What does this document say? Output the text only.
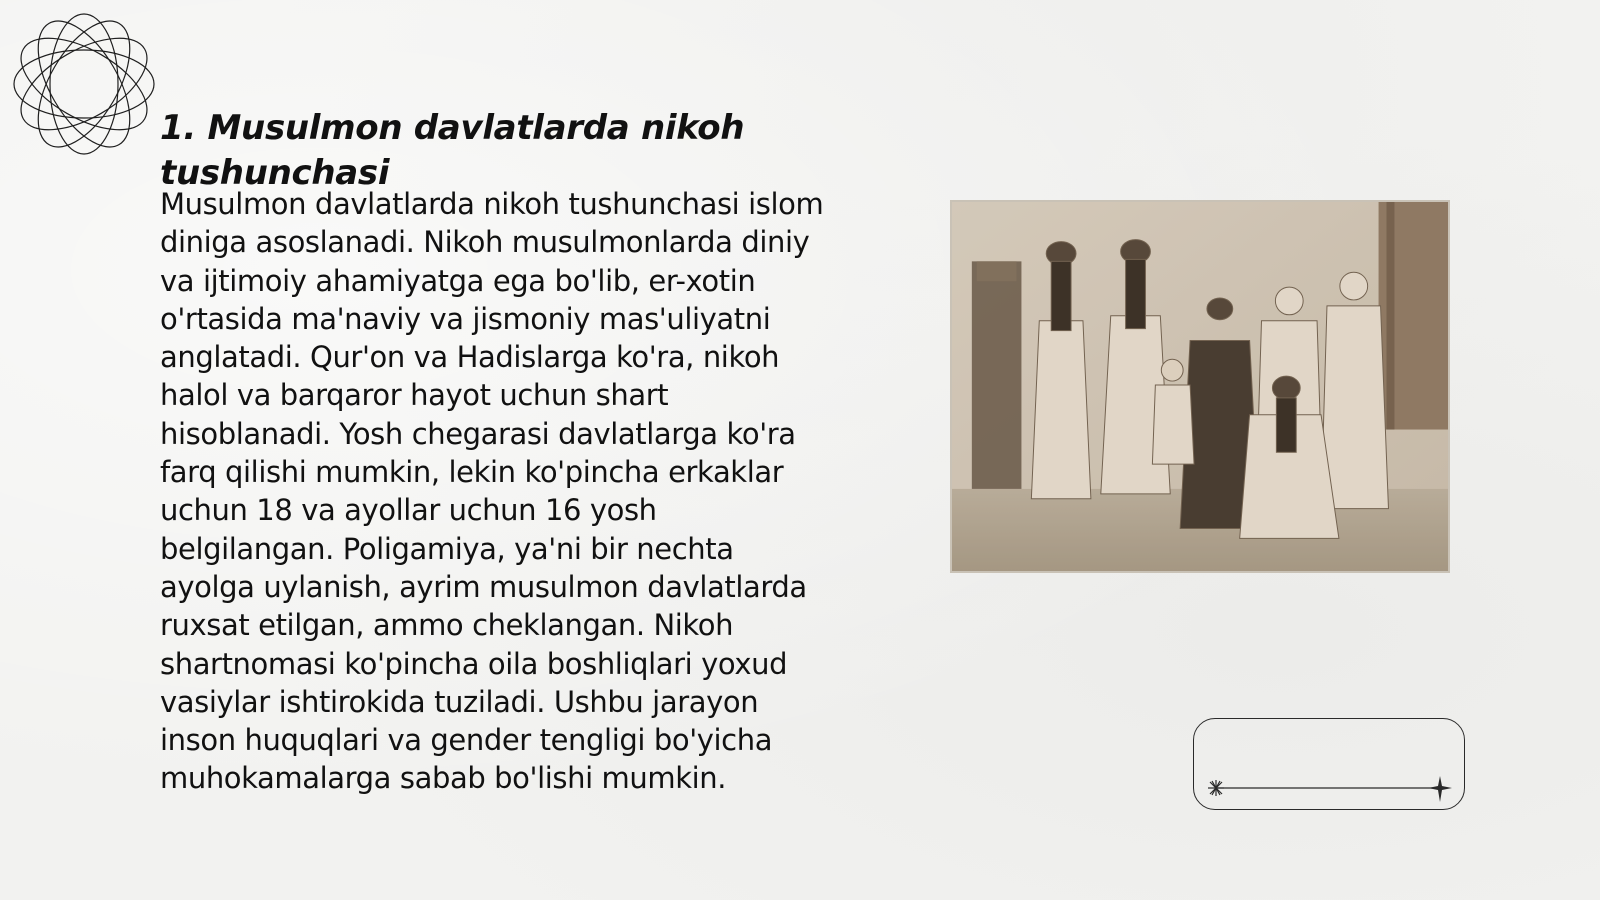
1. Musulmon davlatlarda nikoh tushunchasi

Musulmon davlatlarda nikoh tushunchasi islom diniga asoslanadi. Nikoh musulmonlarda diniy va ijtimoiy ahamiyatga ega bo'lib, er-xotin o'rtasida ma'naviy va jismoniy mas'uliyatni anglatadi. Qur'on va Hadislarga ko'ra, nikoh halol va barqaror hayot uchun shart hisoblanadi. Yosh chegarasi davlatlarga ko'ra farq qilishi mumkin, lekin ko'pincha erkaklar uchun 18 va ayollar uchun 16 yosh belgilangan. Poligamiya, ya'ni bir nechta ayolga uylanish, ayrim musulmon davlatlarda ruxsat etilgan, ammo cheklangan. Nikoh shartnomasi ko'pincha oila boshliqlari yoxud vasiylar ishtirokida tuziladi. Ushbu jarayon inson huquqlari va gender tengligi bo'yicha muhokamalarga sabab bo'lishi mumkin.
